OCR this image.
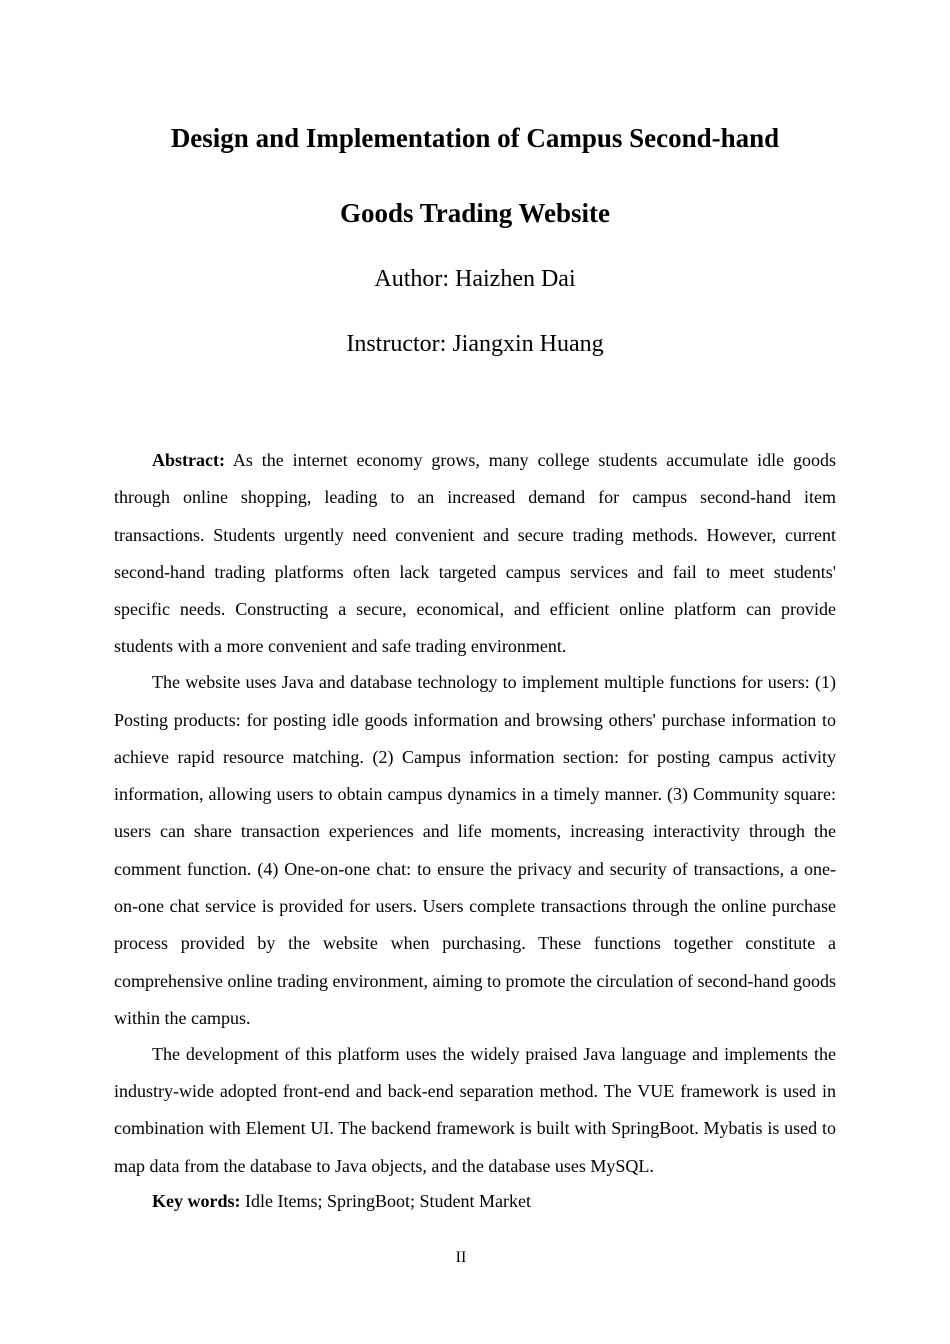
Design and Implementation of Campus Second-hand
Goods Trading Website

Author: Haizhen Dai

Instructor: Jiangxin Huang

Abstract: As the internet economy grows, many college students accumulate idle goods through online shopping, leading to an increased demand for campus second-hand item transactions. Students urgently need convenient and secure trading methods. However, current second-hand trading platforms often lack targeted campus services and fail to meet students' specific needs. Constructing a secure, economical, and efficient online platform can provide students with a more convenient and safe trading environment.

The website uses Java and database technology to implement multiple functions for users: (1) Posting products: for posting idle goods information and browsing others' purchase information to achieve rapid resource matching. (2) Campus information section: for posting campus activity information, allowing users to obtain campus dynamics in a timely manner. (3) Community square: users can share transaction experiences and life moments, increasing interactivity through the comment function. (4) One-on-one chat: to ensure the privacy and security of transactions, a one-on-one chat service is provided for users. Users complete transactions through the online purchase process provided by the website when purchasing. These functions together constitute a comprehensive online trading environment, aiming to promote the circulation of second-hand goods within the campus.

The development of this platform uses the widely praised Java language and implements the industry-wide adopted front-end and back-end separation method. The VUE framework is used in combination with Element UI. The backend framework is built with SpringBoot. Mybatis is used to map data from the database to Java objects, and the database uses MySQL.

Key words: Idle Items; SpringBoot; Student Market

II
